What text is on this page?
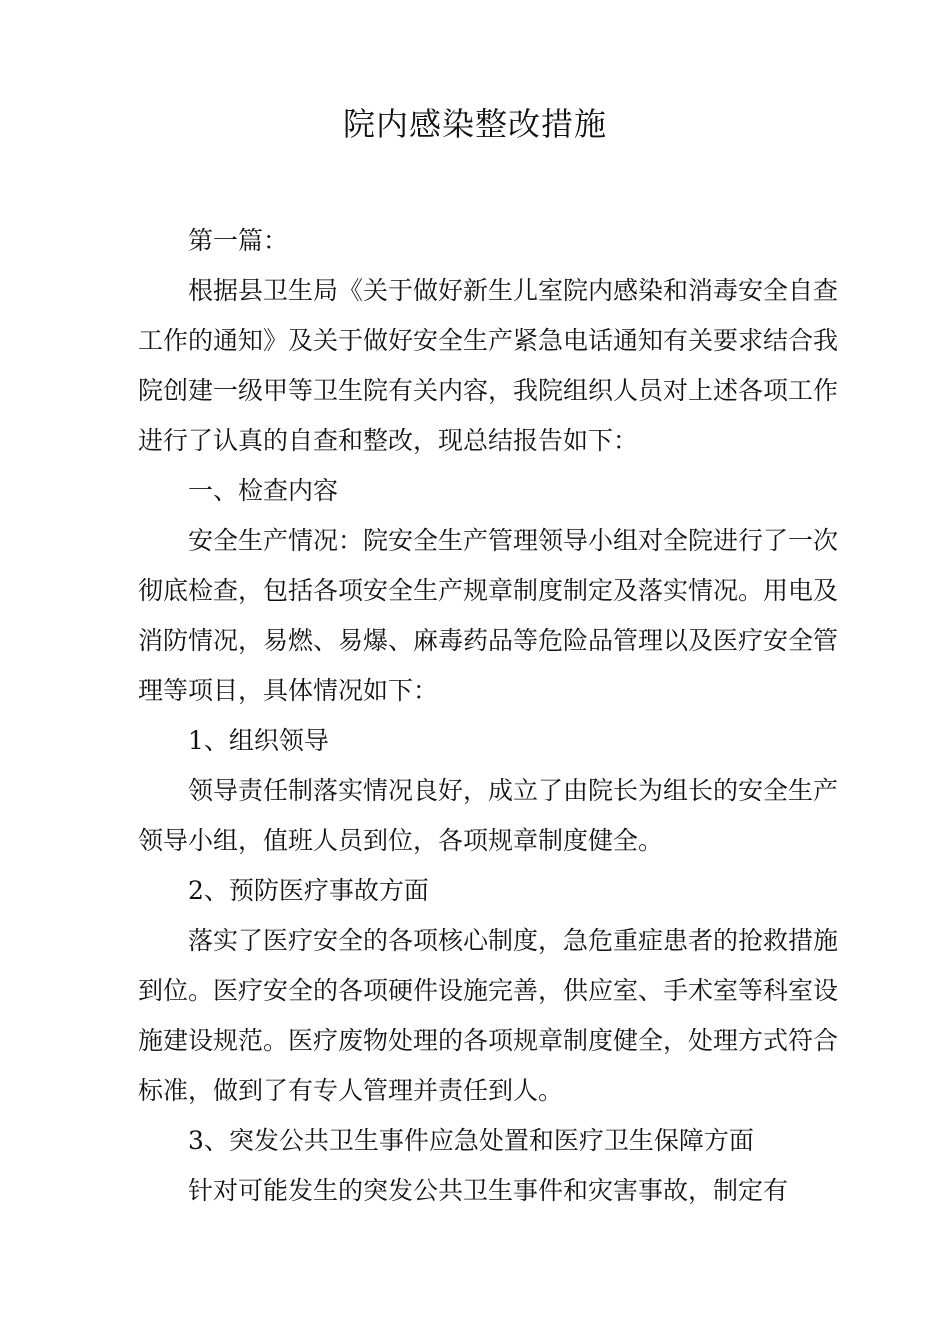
院内感染整改措施

第一篇：

根据县卫生局《关于做好新生儿室院内感染和消毒安全自查工作的通知》及关于做好安全生产紧急电话通知有关要求结合我院创建一级甲等卫生院有关内容，我院组织人员对上述各项工作进行了认真的自查和整改，现总结报告如下：

一、检查内容

安全生产情况：院安全生产管理领导小组对全院进行了一次彻底检查，包括各项安全生产规章制度制定及落实情况。用电及消防情况，易燃、易爆、麻毒药品等危险品管理以及医疗安全管理等项目，具体情况如下：

1、组织领导

领导责任制落实情况良好，成立了由院长为组长的安全生产领导小组，值班人员到位，各项规章制度健全。

2、预防医疗事故方面

落实了医疗安全的各项核心制度，急危重症患者的抢救措施到位。医疗安全的各项硬件设施完善，供应室、手术室等科室设施建设规范。医疗废物处理的各项规章制度健全，处理方式符合标准，做到了有专人管理并责任到人。

3、突发公共卫生事件应急处置和医疗卫生保障方面

针对可能发生的突发公共卫生事件和灾害事故，制定有
